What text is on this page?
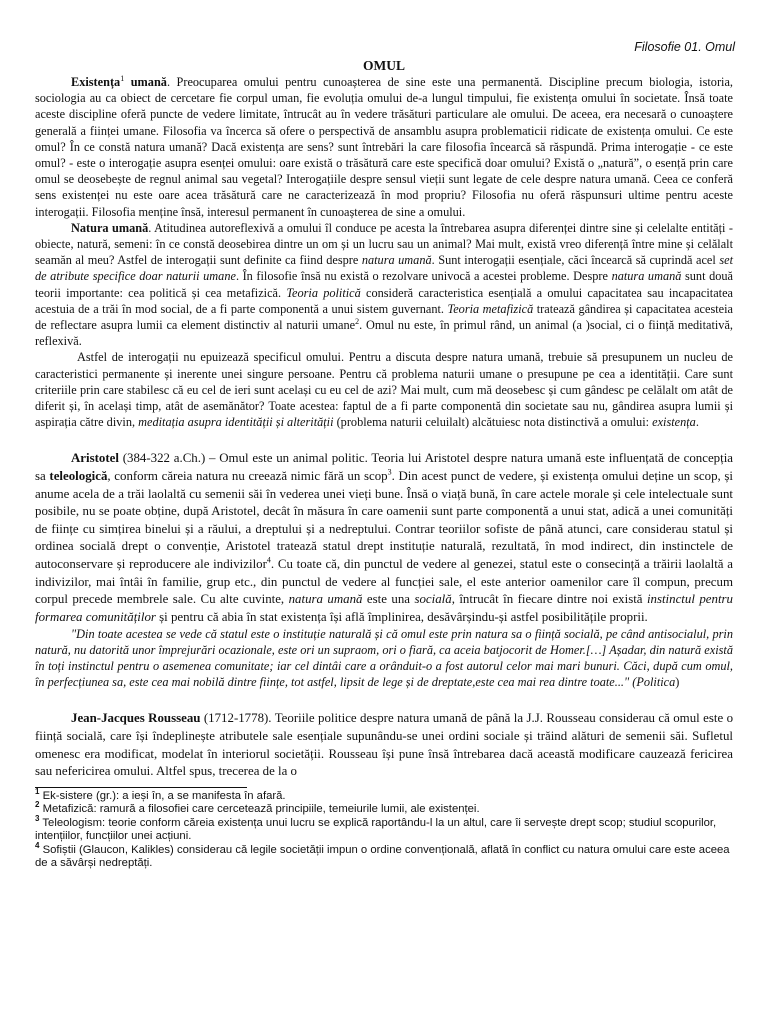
Filosofie 01. Omul
OMUL

Existența$^1$ umană. Preocuparea omului pentru cunoașterea de sine este una permanentă. Discipline precum biologia, istoria, sociologia au ca obiect de cercetare fie corpul uman, fie evoluția omului de-a lungul timpului, fie existența omului în societate. Însă toate aceste discipline oferă puncte de vedere limitate, întrucât au în vedere trăsături particulare ale omului. De aceea, era necesară o cunoaștere generală a ființei umane. Filosofia va încerca să ofere o perspectivă de ansamblu asupra problematicii ridicate de existența omului. Ce este omul? În ce constă natura umană? Dacă existența are sens? sunt întrebări la care filosofia încearcă să răspundă. Prima interogație - ce este omul? - este o interogație asupra esenței omului: oare există o trăsătură care este specifică doar omului? Există o „natură”, o esență prin care omul se deosebește de regnul animal sau vegetal? Interogațiile despre sensul vieții sunt legate de cele despre natura umană. Ceea ce conferă sens existenței nu este oare acea trăsătură care ne caracterizează în mod propriu? Filosofia nu oferă răspunsuri ultime pentru aceste interogații. Filosofia menține însă, interesul permanent în cunoașterea de sine a omului.

Natura umană. Atitudinea autoreflexivă a omului îl conduce pe acesta la întrebarea asupra diferenței dintre sine și celelalte entități - obiecte, natură, semeni: în ce constă deosebirea dintre un om și un lucru sau un animal? Mai mult, există vreo diferență între mine și celălalt seamăn al meu? Astfel de interogații sunt definite ca fiind despre natura umană. Sunt interogații esențiale, căci încearcă să cuprindă acel set de atribute specifice doar naturii umane. În filosofie însă nu există o rezolvare univocă a acestei probleme. Despre natura umană sunt două teorii importante: cea politică și cea metafizică. Teoria politică consideră caracteristica esențială a omului capacitatea sau incapacitatea acestuia de a trăi în mod social, de a fi parte componentă a unui sistem guvernant. Teoria metafizică tratează gândirea și capacitatea acesteia de reflectare asupra lumii ca element distinctiv al naturii umane$^2$. Omul nu este, în primul rând, un animal (a )social, ci o ființă meditativă, reflexivă.

Astfel de interogații nu epuizează specificul omului. Pentru a discuta despre natura umană, trebuie să presupunem un nucleu de caracteristici permanente și inerente unei singure persoane. Pentru că problema naturii umane o presupune pe cea a identității. Care sunt criteriile prin care stabilesc că eu cel de ieri sunt același cu eu cel de azi? Mai mult, cum mă deosebesc și cum gândesc pe celălalt om atât de diferit și, în același timp, atât de asemănător? Toate acestea: faptul de a fi parte componentă din societate sau nu, gândirea asupra lumii și aspirația către divin, meditația asupra identității și alterității (problema naturii celuilalt) alcătuiesc nota distinctivă a omului: existența.

Aristotel (384-322 a.Ch.) – Omul este un animal politic. Teoria lui Aristotel despre natura umană este influențată de concepția sa teleologică, conform căreia natura nu creează nimic fără un scop$^3$. Din acest punct de vedere, și existența omului deține un scop, și anume acela de a trăi laolaltă cu semenii săi în vederea unei vieți bune. Însă o viață bună, în care actele morale și cele intelectuale sunt posibile, nu se poate obține, după Aristotel, decât în măsura în care oamenii sunt parte componentă a unui stat, adică a unei comunități de ființe cu simțirea binelui și a răului, a dreptului și a nedreptului. Contrar teoriilor sofiste de până atunci, care considerau statul și ordinea socială drept o convenție, Aristotel tratează statul drept instituție naturală, rezultată, în mod indirect, din instinctele de autoconservare și reproducere ale indivizilor$^4$. Cu toate că, din punctul de vedere al genezei, statul este o consecință a trăirii laolaltă a indivizilor, mai întâi în familie, grup etc., din punctul de vedere al funcției sale, el este anterior oamenilor care îl compun, precum corpul precede membrele sale. Cu alte cuvinte, natura umană este una socială, întrucât în fiecare dintre noi există instinctul pentru formarea comunităților și pentru că abia în stat existența își află împlinirea, desăvârșindu-și astfel posibilitățile proprii.

"Din toate acestea se vede că statul este o instituție naturală și că omul este prin natura sa o ființă socială, pe când antisocialul, prin natură, nu datorită unor împrejurări ocazionale, este ori un supraom, ori o fiară, ca aceia batjocorit de Homer.[…] Așadar, din natură există în toți instinctul pentru o asemenea comunitate; iar cel dintâi care a orânduit-o a fost autorul celor mai mari bunuri. Căci, după cum omul, în perfecțiunea sa, este cea mai nobilă dintre ființe, tot astfel, lipsit de lege și de dreptate,este cea mai rea dintre toate..." (Politica)

Jean-Jacques Rousseau (1712-1778). Teoriile politice despre natura umană de până la J.J. Rousseau considerau că omul este o ființă socială, care își îndeplinește atributele sale esențiale supunându-se unei ordini sociale și trăind alături de semenii săi. Sufletul omenesc era modificat, modelat în interiorul societății. Rousseau își pune însă întrebarea dacă această modificare cauzează fericirea sau nefericirea omului. Altfel spus, trecerea de la o

$^1$ Ek-sistere (gr.): a ieși în, a se manifesta în afară.
$^2$ Metafizică: ramură a filosofiei care cercetează principiile, temeiurile lumii, ale existenței.
$^3$ Teleologism: teorie conform căreia existența unui lucru se explică raportându-l la un altul, care îi servește drept scop; studiul scopurilor, intențiilor, funcțiilor unei acțiuni.
$^4$ Sofiștii (Glaucon, Kalikles) considerau că legile societății impun o ordine convențională, aflată în conflict cu natura omului care este aceea de a săvârși nedreptăți.
